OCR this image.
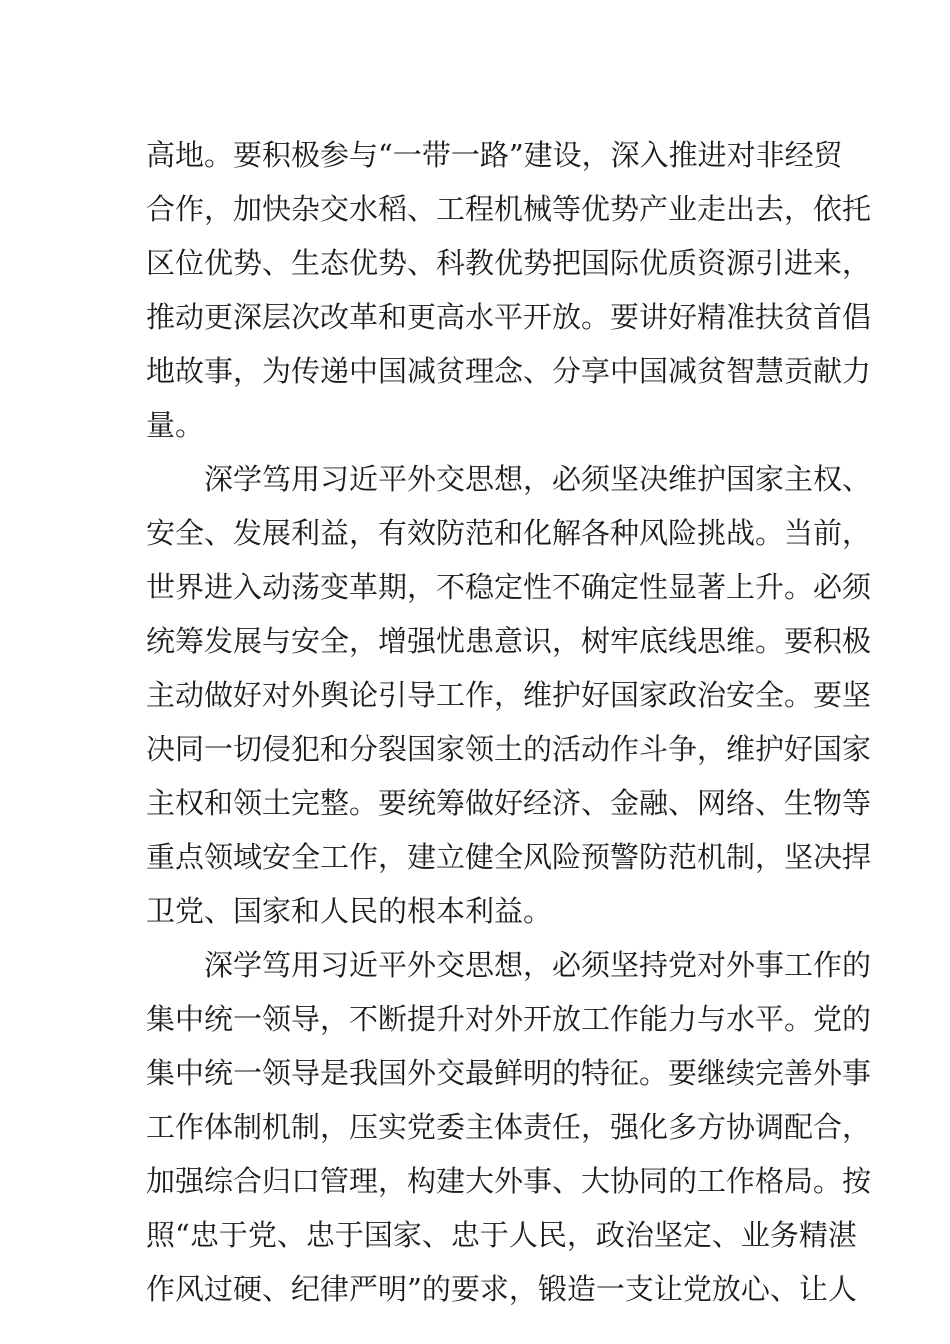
高地。要积极参与“一带一路”建设，深入推进对非经贸
合作，加快杂交水稻、工程机械等优势产业走出去，依托
区位优势、生态优势、科教优势把国际优质资源引进来，
推动更深层次改革和更高水平开放。要讲好精准扶贫首倡
地故事，为传递中国减贫理念、分享中国减贫智慧贡献力
量。
深学笃用习近平外交思想，必须坚决维护国家主权、
安全、发展利益，有效防范和化解各种风险挑战。当前，
世界进入动荡变革期，不稳定性不确定性显著上升。必须
统筹发展与安全，增强忧患意识，树牢底线思维。要积极
主动做好对外舆论引导工作，维护好国家政治安全。要坚
决同一切侵犯和分裂国家领土的活动作斗争，维护好国家
主权和领土完整。要统筹做好经济、金融、网络、生物等
重点领域安全工作，建立健全风险预警防范机制，坚决捍
卫党、国家和人民的根本利益。
深学笃用习近平外交思想，必须坚持党对外事工作的
集中统一领导，不断提升对外开放工作能力与水平。党的
集中统一领导是我国外交最鲜明的特征。要继续完善外事
工作体制机制，压实党委主体责任，强化多方协调配合，
加强综合归口管理，构建大外事、大协同的工作格局。按
照“忠于党、忠于国家、忠于人民，政治坚定、业务精湛
作风过硬、纪律严明”的要求，锻造一支让党放心、让人
